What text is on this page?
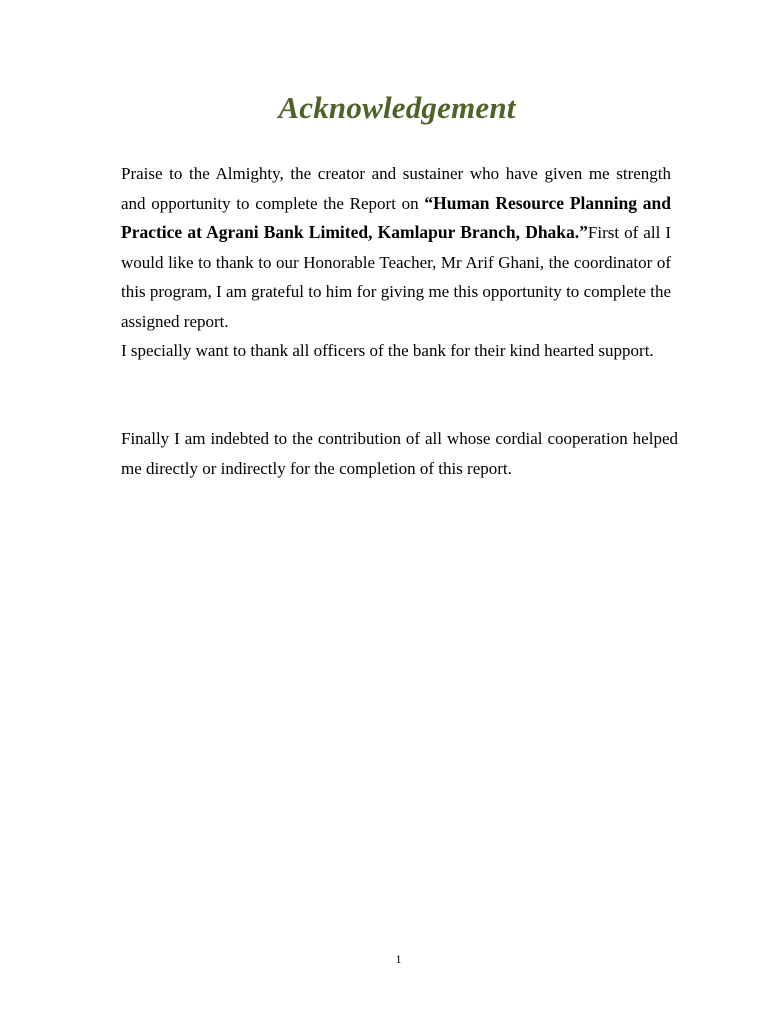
Acknowledgement

Praise to the Almighty, the creator and sustainer who have given me strength and opportunity to complete the Report on “Human Resource Planning and Practice at Agrani Bank Limited, Kamlapur Branch, Dhaka.”First of all I would like to thank to our Honorable Teacher, Mr Arif Ghani, the coordinator of this program, I am grateful to him for giving me this opportunity to complete the assigned report.

I specially want to thank all officers of the bank for their kind hearted support.

Finally I am indebted to the contribution of all whose cordial cooperation helped me directly or indirectly for the completion of this report.

1
